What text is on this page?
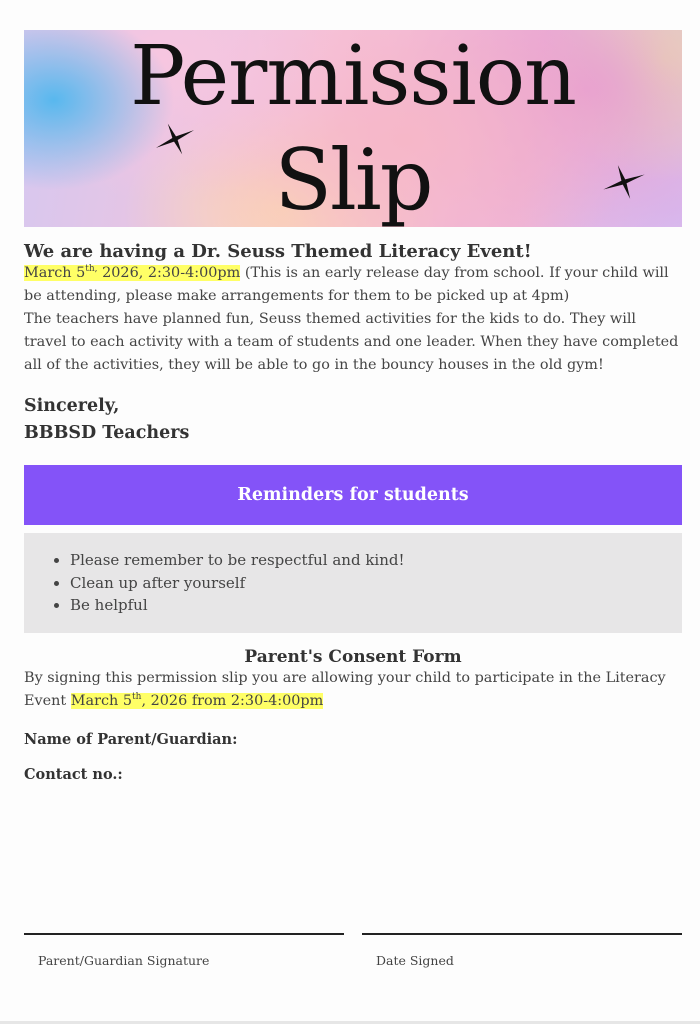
Permission
Slip
We are having a Dr. Seuss Themed Literacy Event!

March $5^{th,}$ 2026, 2:30-4:00pm (This is an early release day from school. If your child will be attending, please make arrangements for them to be picked up at 4pm)

The teachers have planned fun, Seuss themed activities for the kids to do. They will travel to each activity with a team of students and one leader. When they have completed all of the activities, they will be able to go in the bouncy houses in the old gym!

Sincerely,
BBBSD Teachers
Reminders for students
• Please remember to be respectful and kind!
• Clean up after yourself
• Be helpful
Parent's Consent Form

By signing this permission slip you are allowing your child to participate in the Literacy Event March 5th, 2026 from 2:30-4:00pm

Name of Parent/Guardian:
Contact no.:
Parent/Guardian Signature	Date Signed
